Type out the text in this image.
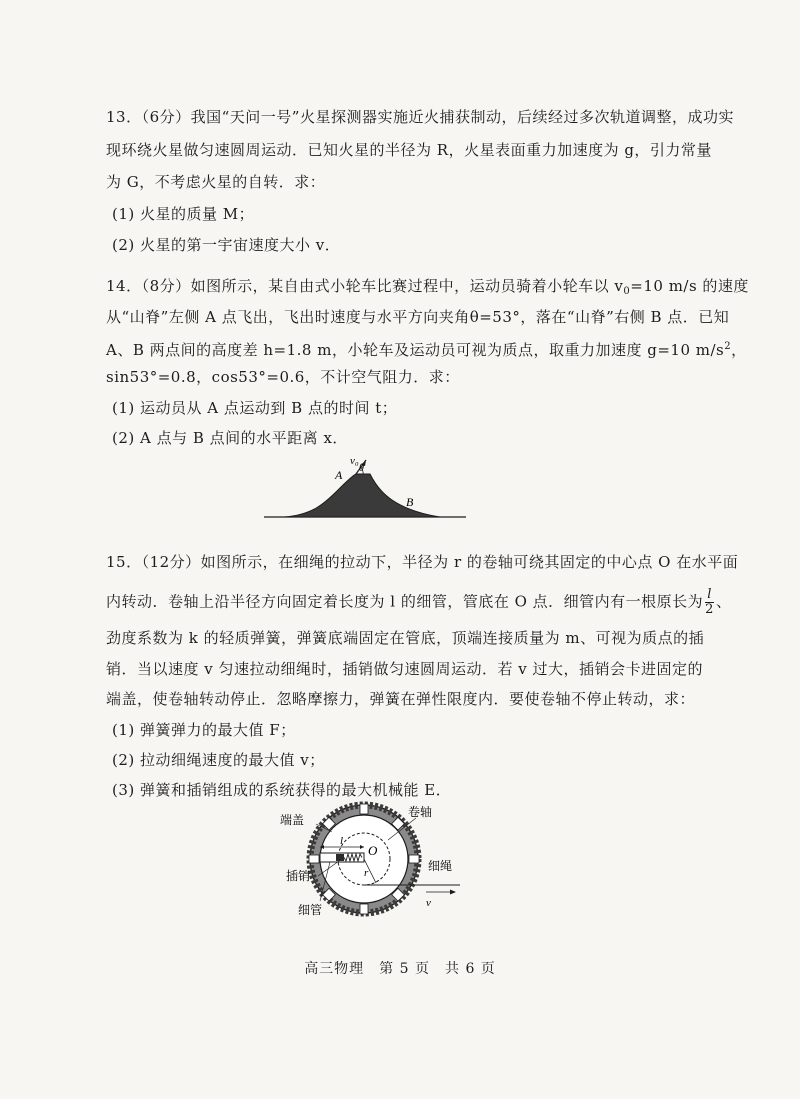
13．（6分）我国“天问一号”火星探测器实施近火捕获制动，后续经过多次轨道调整，成功实
现环绕火星做匀速圆周运动．已知火星的半径为 R，火星表面重力加速度为 g，引力常量
为 G，不考虑火星的自转．求：
(1) 火星的质量 M；
(2) 火星的第一宇宙速度大小 v．
14．（8分）如图所示，某自由式小轮车比赛过程中，运动员骑着小轮车以 $v_0=10$ m/s 的速度
从“山脊”左侧 A 点飞出，飞出时速度与水平方向夹角θ=53°，落在“山脊”右侧 B 点．已知
A、B 两点间的高度差 h=1.8 m，小轮车及运动员可视为质点，取重力加速度 g=10 $m/s^2$，
sin53°=0.8，cos53°=0.6，不计空气阻力．求：
(1) 运动员从 A 点运动到 B 点的时间 t；
(2) A 点与 B 点间的水平距离 x．
v₀
θ
A
B
15．（12分）如图所示，在细绳的拉动下，半径为 r 的卷轴可绕其固定的中心点 O 在水平面
内转动．卷轴上沿半径方向固定着长度为 l 的细管，管底在 O 点．细管内有一根原长为 $\frac{l}{2}$ 、
劲度系数为 k 的轻质弹簧，弹簧底端固定在管底，顶端连接质量为 m、可视为质点的插
销．当以速度 v 匀速拉动细绳时，插销做匀速圆周运动．若 v 过大，插销会卡进固定的
端盖，使卷轴转动停止．忽略摩擦力，弹簧在弹性限度内．要使卷轴不停止转动，求：
(1) 弹簧弹力的最大值 F；
(2) 拉动细绳速度的最大值 v；
(3) 弹簧和插销组成的系统获得的最大机械能 E．
端盖
卷轴
l
O
r	细绳
插销
v
细管
高三物理　第 5 页　共 6 页
